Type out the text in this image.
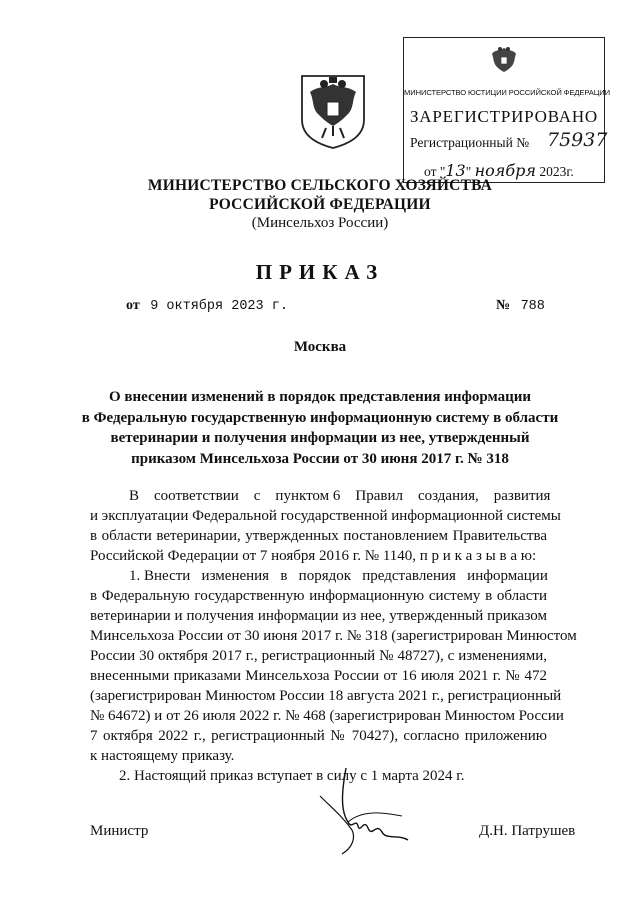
МИНИСТЕРСТВО ЮСТИЦИИ РОССИЙСКОЙ ФЕДЕРАЦИИ
ЗАРЕГИСТРИРОВАНО
Регистрационный № 75937
от "13" ноября 2023г.
МИНИСТЕРСТВО СЕЛЬСКОГО ХОЗЯЙСТВА
РОССИЙСКОЙ ФЕДЕРАЦИИ
(Минсельхоз России)
ПРИКАЗ
от 9 октября 2023 г.	№ 788
Москва
О внесении изменений в порядок представления информации
в Федеральную государственную информационную систему в области
ветеринарии и получения информации из нее, утвержденный
приказом Минсельхоза России от 30 июня 2017 г. № 318
В    соответствии    с    пунктом 6    Правил    создания,    развития
и эксплуатации Федеральной государственной информационной системы
в области ветеринарии, утвержденных постановлением Правительства
Российской Федерации от 7 ноября 2016 г. № 1140, п р и к а з ы в а ю:
1. Внести   изменения   в   порядок   представления   информации
в Федеральную государственную информационную систему в области
ветеринарии и получения информации из нее, утвержденный приказом
Минсельхоза России от 30 июня 2017 г. № 318 (зарегистрирован Минюстом
России 30 октября 2017 г., регистрационный № 48727), с изменениями,
внесенными приказами Минсельхоза России от 16 июля 2021 г. № 472
(зарегистрирован Минюстом России 18 августа 2021 г., регистрационный
№ 64672) и от 26 июля 2022 г. № 468 (зарегистрирован Минюстом России
7 октября 2022 г., регистрационный № 70427), согласно приложению
к настоящему приказу.
2. Настоящий приказ вступает в силу с 1 марта 2024 г.
Министр	Д.Н. Патрушев
